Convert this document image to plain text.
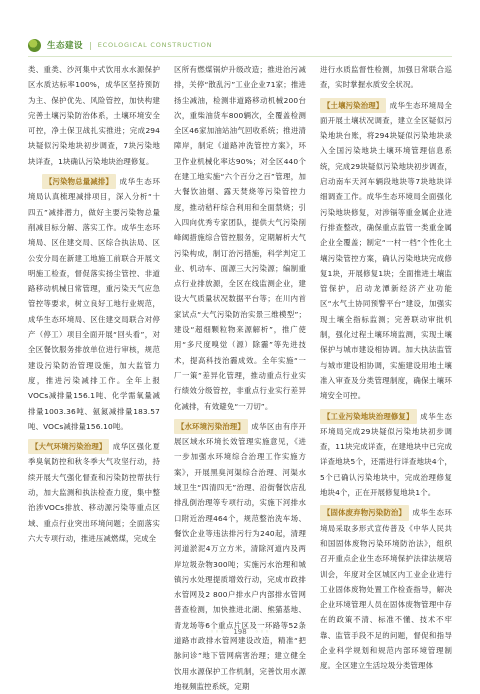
生态建设 | ECOLOGICAL CONSTRUCTION

类、重类、沙河集中式饮用水水源保护区水质达标率100%，成华区坚持预防为主、保护优先、风险管控，加快构建完善土壤污染防治体系，土壤环境安全可控，净土保卫战扎实推进；完成294块疑似污染地块初步调查，7块污染地块详查，1块确认污染地块治理修复。

【污染物总量减排】 成华生态环境局认真梳理减排项目，深入分析“十四五”减排潜力，做好主要污染物总量削减目标分解、落实工作。成华生态环境局、区住建交局、区综合执法局、区公安分局在新建工地施工前联合开展文明施工检查，督促落实扬尘管控、非道路移动机械日常管理，重污染天气应急管控等要求，树立良好工地行业规范，成华生态环境局、区住建交局联合对停产（停工）项目全面开展“回头看”，对全区餐饮服务排放单位进行审核，规范建设污染防治管理设施，加大监管力度，推进污染减排工作。全年上报VOCs减排量156.1吨、化学需氧量减排量1003.36吨、氨氮减排量183.57吨、VOCs减排量156.10吨。

【大气环境污染治理】 成华区强化夏季臭氧防控和秋冬季大气攻坚行动，持续开展大气强化督查和污染防控帮扶行动，加大监测和执法检查力度，集中整治涉VOCs排放、移动源污染等重点区域、重点行业突出环境问题；全面落实六大专项行动，推进压减燃煤，完成全

区所有燃煤锅炉升级改造；推进治污减排，关停“散乱污”工业企业71家；推进扬尘减油，检测非道路移动机械200台次，重柴油货车800辆次，全覆盖检测全区46家加油站油气回收系统；推进清障岸，制定《道路冲洗管控方案》，环卫作业机械化率达90%；对全区440个在建工地实施“六个百分之百”管理，加大餐饮油烟、露天焚烧等污染管控力度，推动秸秆综合利用和全面禁烧；引入四向优秀专家团队，提供大气污染削峰阈措施综合管控服务，定期解析大气污染构成，制订治污措施，科学判定工业、机动车、面源三大污染源；编制重点行业排放源，全区在线监测企业，建设大气质量状况数据平台等；在川内首家试点“大气污染防治实景三维模型”；建设“超细颗粒物来源解析”，推广使用“多尺度嗅觉（源）除霾”等先进技术，提高科技治霾成效。全年实施“一厂一策”差异化管理，推动重点行业实行绩效分级管控，非重点行业实行差异化减排，有效避免“一刀切”。

【水环境污染治理】 成华区由有序开展区域水环境长效管理实施意见，《进一步加强水环境综合治理工作实施方案》，开展黑臭河渠综合治理、河渠水域卫生“四清四无”治理、沿街餐饮店乱排乱倒治理等专项行动，实施下河排水口附近治理464个，规范整治洗车场、餐饮企业等违法排污行为240起，清理河道淤泥4万立方米，清除河道内及两岸垃圾杂物300吨；实施污水治理和城镇污水处理提质增效行动，完成市政排水管网及2 800户排水户内部排水管网普查检测，加快推进北湖、熊猫基地、青龙场等6个重点片区及一环路等52条道路市政排水管网建设改造，精准“把脉问诊”地下管网病害治理；建立健全饮用水源保护工作机制，完善饮用水源地视频监控系统，定期

进行水质监督性检测，加强日常联合巡查，实时掌握水质安全状况。

【土壤污染治理】 成华生态环境局全面开展土壤状况调查，建立全区疑似污染地块台账，将294块疑似污染地块录入全国污染地块土壤环境管理信息系统，完成29块疑似污染地块初步调查，启动南车天河车辆段地块等7块地块详细调查工作。成华生态环境局全面强化污染地块修复，对涉镉等重金属企业进行排查整改，确保重点监管一类重金属企业全覆盖；制定“一村一档”个性化土壤污染管控方案，确认污染地块完成修复1块，开展修复1块；全面推进土壤监管保护，启动龙潭新经济产业功能区“水气土协同预警平台”建设，加强实现土壤全指标监测；完善联动审批机制，强化过程土壤环境监测，实现土壤保护与城市建设相协调。加大执法监管与城市建设相协调，实施建设用地土壤准入审查及分类管理制度，确保土壤环境安全可控。

【工业污染地块治理修复】 成华生态环境局完成29块疑似污染地块初步调查，11块完成详查，在建地块中已完成详查地块5个，还需进行详查地块4个，5个已确认污染地块中，完成治理修复地块4个，正在开展修复地块1个。

【固体废弃物污染防治】 成华生态环境局采取多形式宣传普及《中华人民共和国固体废物污染环境防治法》，组织召开重点企业生态环境保护法律法规培训会，年度对全区城区内工业企业进行工业固体废物处置工作检查指导，解决企业环境管理人员在固体废物管理中存在的政策不清、标准不懂、技术不牢靠、监管手段不足的问题，督促和指导企业科学规划和规范内部环境管理制度。全区建立生活垃圾分类管理体

◦◦◦ 198 ◦◦◦
